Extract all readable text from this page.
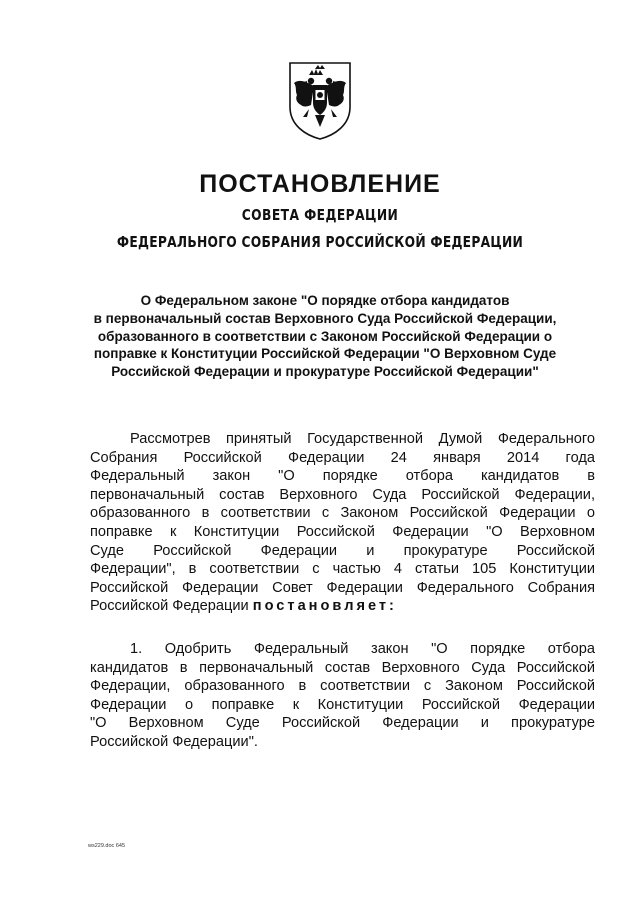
ПОСТАНОВЛЕНИЕ
СОВЕТА ФЕДЕРАЦИИ
ФЕДЕРАЛЬНОГО СОБРАНИЯ РОССИЙСКОЙ ФЕДЕРАЦИИ
О Федеральном законе "О порядке отбора кандидатов
в первоначальный состав Верховного Суда Российской Федерации,
образованного в соответствии с Законом Российской Федерации о
поправке к Конституции Российской Федерации "О Верховном Суде
Российской Федерации и прокуратуре Российской Федерации"
Рассмотрев принятый Государственной Думой Федерального
Собрания Российской Федерации 24 января 2014 года
Федеральный закон "О порядке отбора кандидатов в
первоначальный состав Верховного Суда Российской Федерации,
образованного в соответствии с Законом Российской Федерации о
поправке к Конституции Российской Федерации "О Верховном
Суде Российской Федерации и прокуратуре Российской
Федерации", в соответствии с частью 4 статьи 105 Конституции
Российской Федерации Совет Федерации Федерального Собрания
Российской Федерации постановляет:
1. Одобрить Федеральный закон "О порядке отбора
кандидатов в первоначальный состав Верховного Суда Российской
Федерации, образованного в соответствии с Законом Российской
Федерации о поправке к Конституции Российской Федерации
"О Верховном Суде Российской Федерации и прокуратуре
Российской Федерации".
ws229.doc 645
